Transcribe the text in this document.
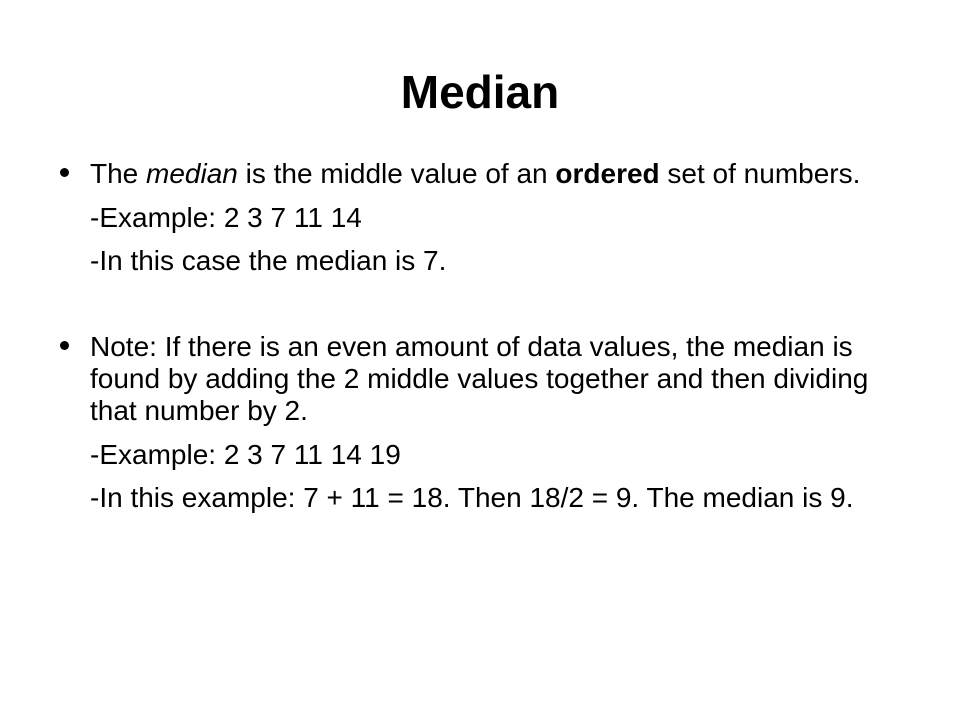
Median
The median is the middle value of an ordered set of numbers.
-Example: 2 3 7 11 14
-In this case the median is 7.
Note: If there is an even amount of data values, the median is found by adding the 2 middle values together and then dividing that number by 2.
-Example: 2 3 7 11 14 19
-In this example: 7 + 11 = 18. Then 18/2 = 9. The median is 9.
